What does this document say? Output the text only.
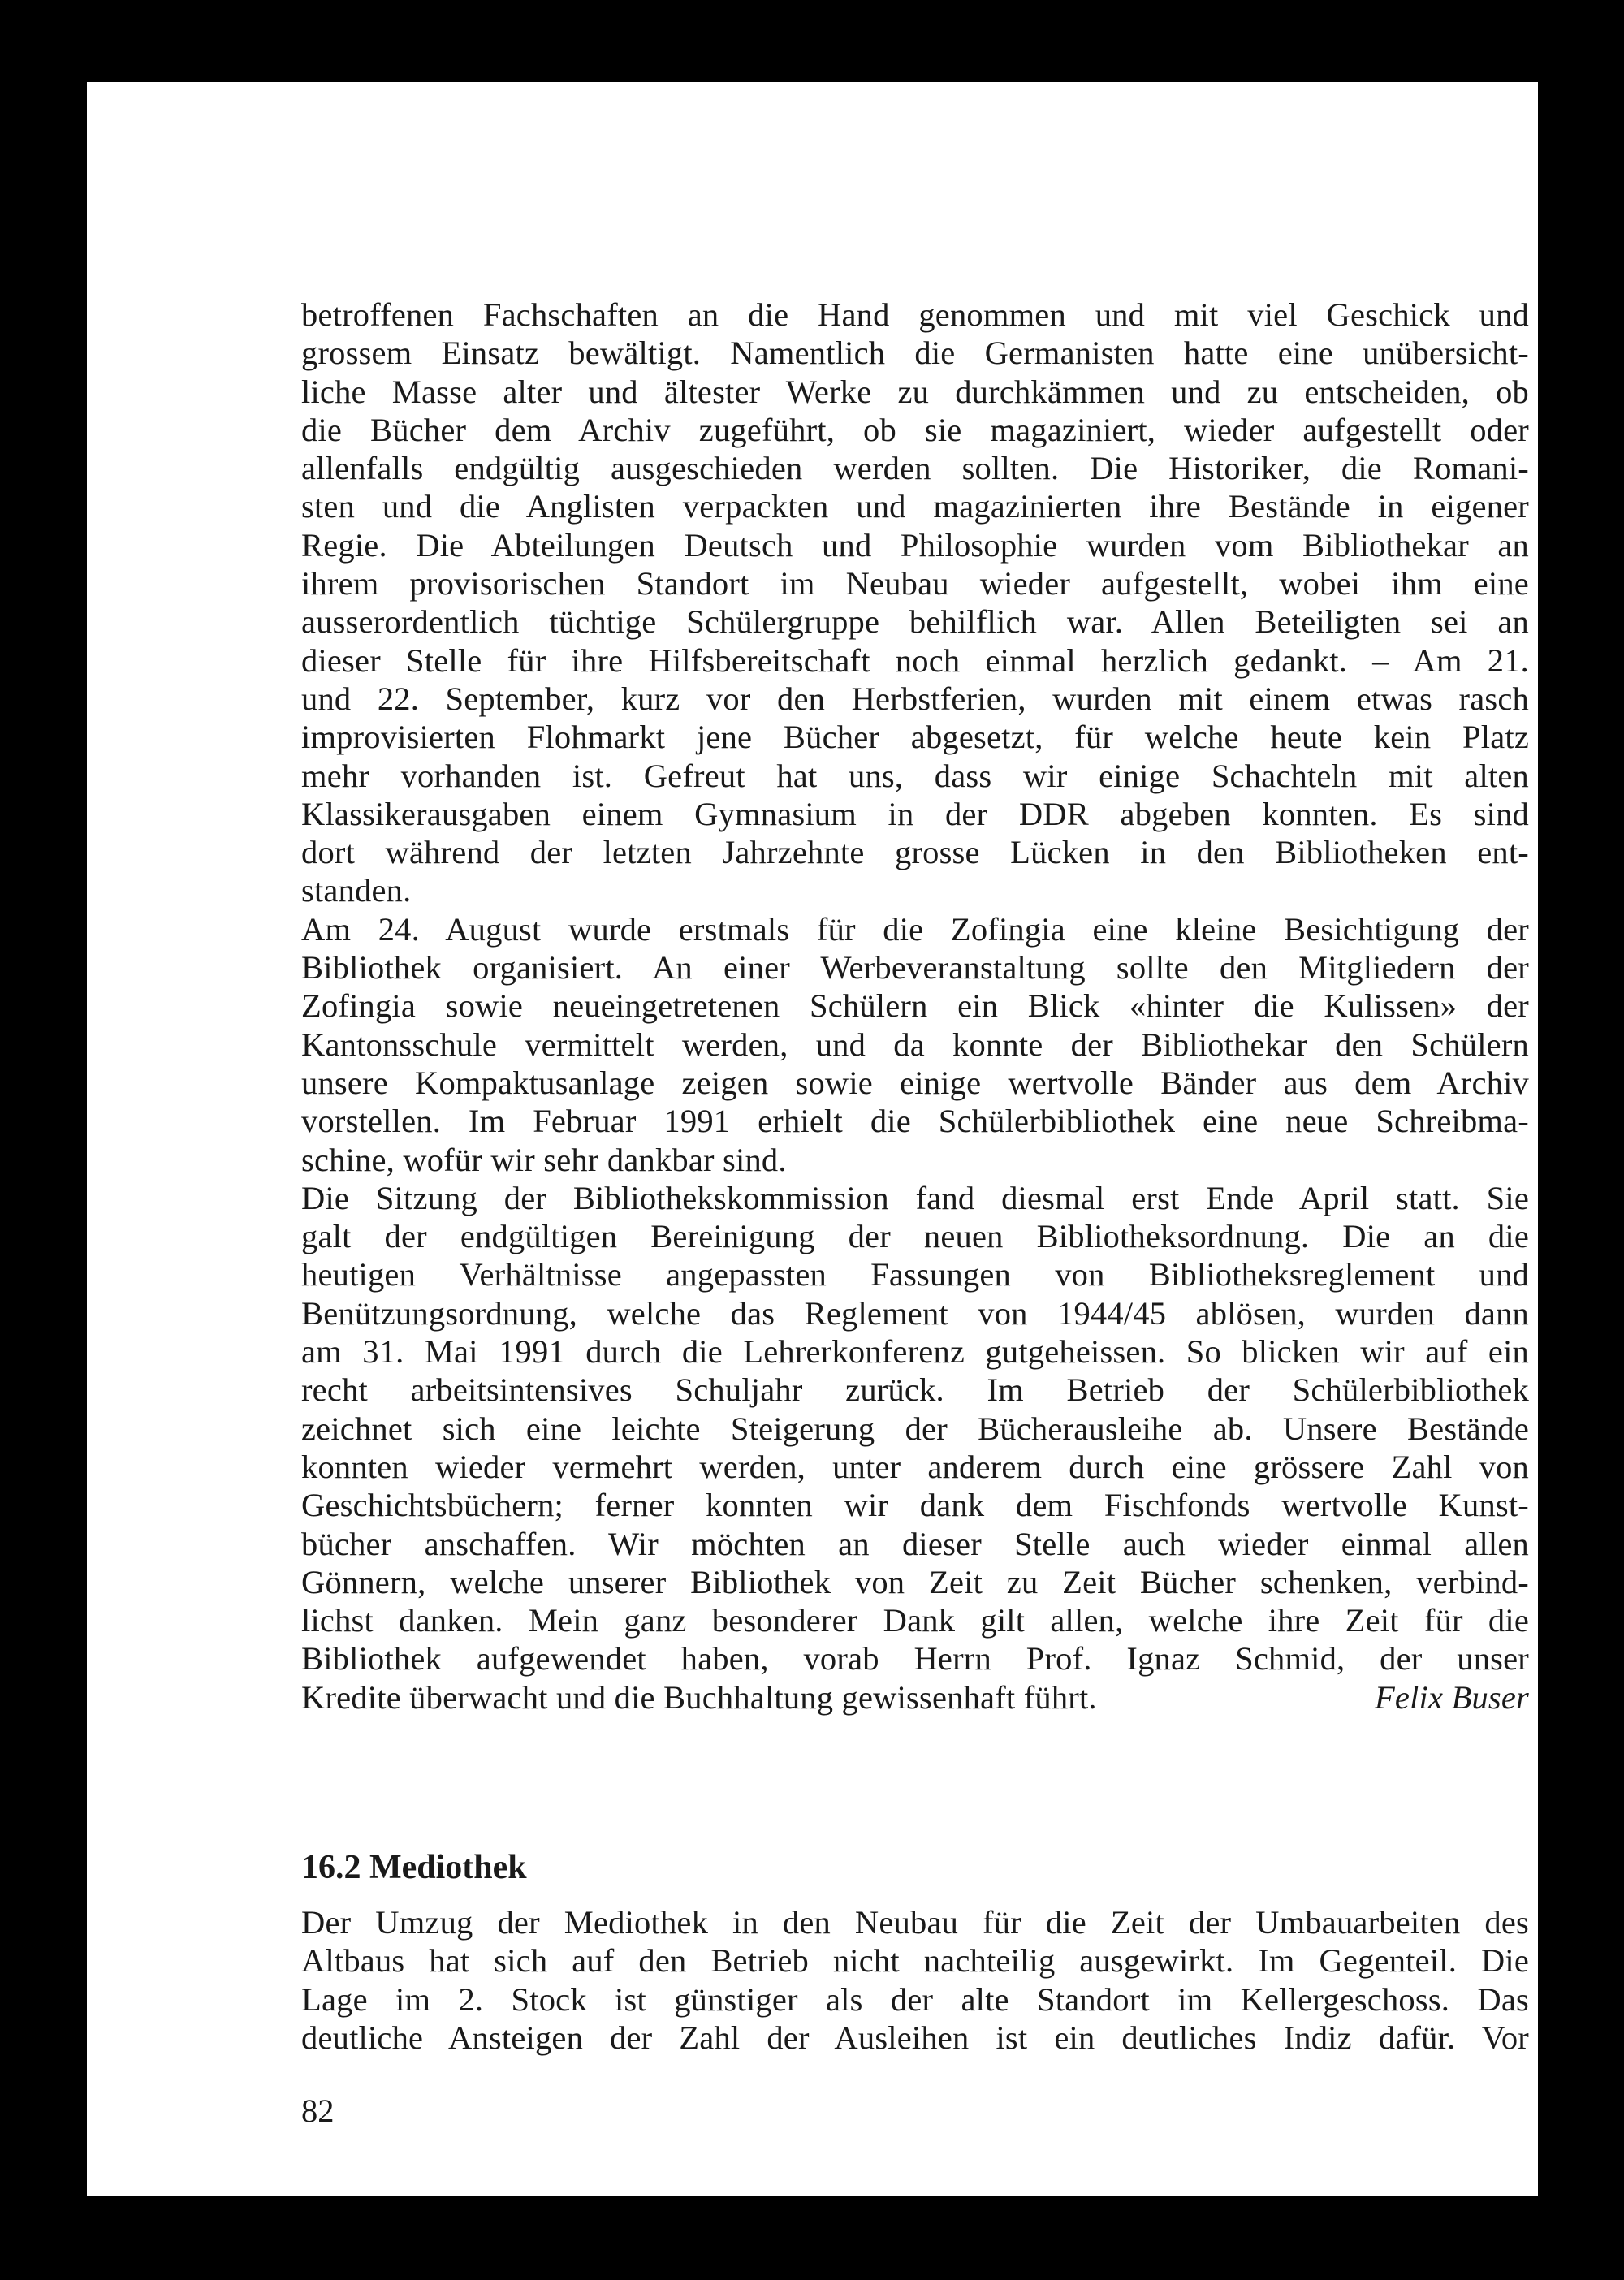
betroffenen Fachschaften an die Hand genommen und mit viel Geschick und
grossem Einsatz bewältigt. Namentlich die Germanisten hatte eine unübersicht-
liche Masse alter und ältester Werke zu durchkämmen und zu entscheiden, ob
die Bücher dem Archiv zugeführt, ob sie magaziniert, wieder aufgestellt oder
allenfalls endgültig ausgeschieden werden sollten. Die Historiker, die Romani-
sten und die Anglisten verpackten und magazinierten ihre Bestände in eigener
Regie. Die Abteilungen Deutsch und Philosophie wurden vom Bibliothekar an
ihrem provisorischen Standort im Neubau wieder aufgestellt, wobei ihm eine
ausserordentlich tüchtige Schülergruppe behilflich war. Allen Beteiligten sei an
dieser Stelle für ihre Hilfsbereitschaft noch einmal herzlich gedankt. – Am 21.
und 22. September, kurz vor den Herbstferien, wurden mit einem etwas rasch
improvisierten Flohmarkt jene Bücher abgesetzt, für welche heute kein Platz
mehr vorhanden ist. Gefreut hat uns, dass wir einige Schachteln mit alten
Klassikerausgaben einem Gymnasium in der DDR abgeben konnten. Es sind
dort während der letzten Jahrzehnte grosse Lücken in den Bibliotheken ent-
standen.
Am 24. August wurde erstmals für die Zofingia eine kleine Besichtigung der
Bibliothek organisiert. An einer Werbeveranstaltung sollte den Mitgliedern der
Zofingia sowie neueingetretenen Schülern ein Blick «hinter die Kulissen» der
Kantonsschule vermittelt werden, und da konnte der Bibliothekar den Schülern
unsere Kompaktusanlage zeigen sowie einige wertvolle Bänder aus dem Archiv
vorstellen. Im Februar 1991 erhielt die Schülerbibliothek eine neue Schreibma-
schine, wofür wir sehr dankbar sind.
Die Sitzung der Bibliothekskommission fand diesmal erst Ende April statt. Sie
galt der endgültigen Bereinigung der neuen Bibliotheksordnung. Die an die
heutigen Verhältnisse angepassten Fassungen von Bibliotheksreglement und
Benützungsordnung, welche das Reglement von 1944/45 ablösen, wurden dann
am 31. Mai 1991 durch die Lehrerkonferenz gutgeheissen. So blicken wir auf ein
recht arbeitsintensives Schuljahr zurück. Im Betrieb der Schülerbibliothek
zeichnet sich eine leichte Steigerung der Bücherausleihe ab. Unsere Bestände
konnten wieder vermehrt werden, unter anderem durch eine grössere Zahl von
Geschichtsbüchern; ferner konnten wir dank dem Fischfonds wertvolle Kunst-
bücher anschaffen. Wir möchten an dieser Stelle auch wieder einmal allen
Gönnern, welche unserer Bibliothek von Zeit zu Zeit Bücher schenken, verbind-
lichst danken. Mein ganz besonderer Dank gilt allen, welche ihre Zeit für die
Bibliothek aufgewendet haben, vorab Herrn Prof. Ignaz Schmid, der unser
Kredite überwacht und die Buchhaltung gewissenhaft führt.	Felix Buser
16.2 Mediothek
Der Umzug der Mediothek in den Neubau für die Zeit der Umbauarbeiten des
Altbaus hat sich auf den Betrieb nicht nachteilig ausgewirkt. Im Gegenteil. Die
Lage im 2. Stock ist günstiger als der alte Standort im Kellergeschoss. Das
deutliche Ansteigen der Zahl der Ausleihen ist ein deutliches Indiz dafür. Vor
82
